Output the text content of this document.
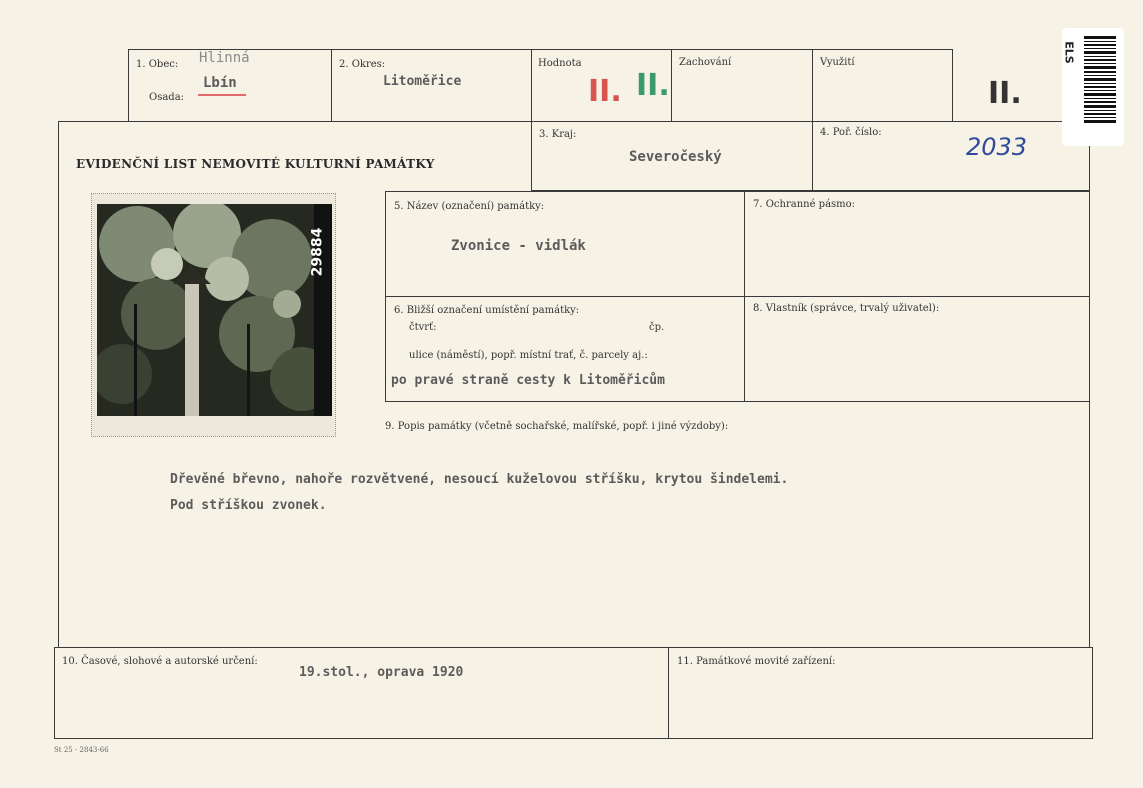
1. Obec: Hlinná
Osada:
Lbín
2. Okres:
Litoměřice
Hodnota
II. II.
Zachování	Využití
II.
ELS
EVIDENČNÍ LIST NEMOVITÉ KULTURNÍ PAMÁTKY
3. Kraj:
Severočeský
4. Poř. číslo:
2033
29884
5. Název (označení) památky:
Zvonice - vidlák
7. Ochranné pásmo:
6. Bližší označení umístění památky:
čtvrť:	čp.
ulice (náměstí), popř. místní trať, č. parcely aj.:
po pravé straně cesty k Litoměřicům
8. Vlastník (správce, trvalý uživatel):
9. Popis památky (včetně sochařské, malířské, popř. i jiné výzdoby):
Dřevěné břevno, nahoře rozvětvené, nesoucí kuželovou stříšku, krytou šindelemi.
Pod stříškou zvonek.
10. Časové, slohové a autorské určení:
19.stol., oprava 1920
11. Památkové movité zařízení:
St 25 - 2843-66
